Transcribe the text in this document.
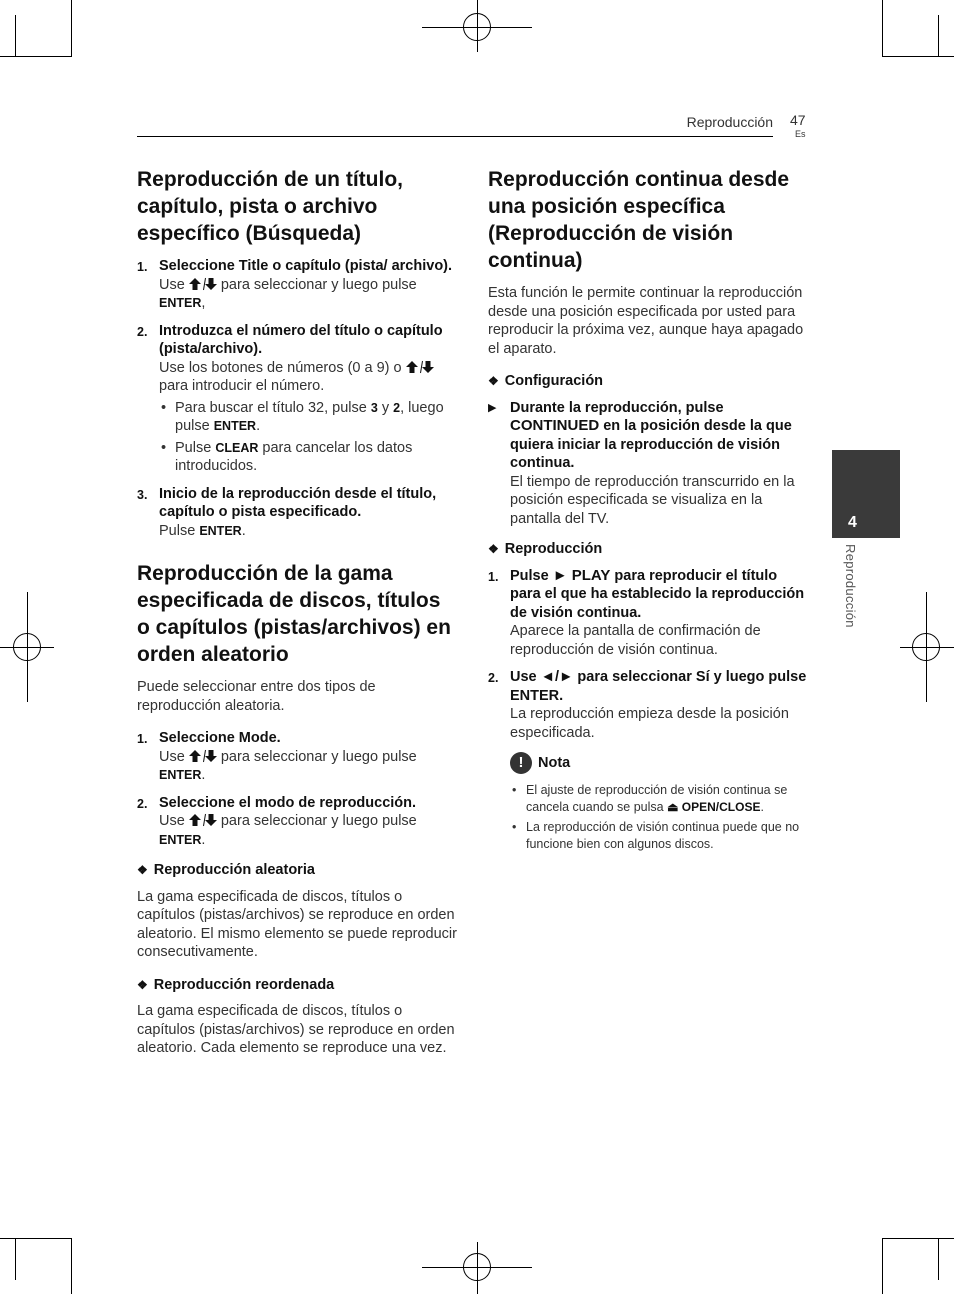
Reproducción 47
Es
4
Reproducción
Reproducción de un título, capítulo, pista o archivo específico (Búsqueda)
1. Seleccione Title o capítulo (pista/ archivo).
Use para seleccionar y luego pulse ENTER,
2. Introduzca el número del título o capítulo (pista/archivo).
Use los botones de números (0 a 9) o  para introducir el número.
• Para buscar el título 32, pulse 3 y 2, luego pulse ENTER.
• Pulse CLEAR para cancelar los datos introducidos.
3. Inicio de la reproducción desde el título, capítulo o pista especificado.
Pulse ENTER.
Reproducción de la gama especificada de discos, títulos o capítulos (pistas/archivos) en orden aleatorio

Puede seleccionar entre dos tipos de reproducción aleatoria.

1. Seleccione Mode.
Use para seleccionar y luego pulse ENTER.
2. Seleccione el modo de reproducción.
Use para seleccionar y luego pulse ENTER.
❖ Reproducción aleatoria

La gama especificada de discos, títulos o capítulos (pistas/archivos) se reproduce en orden aleatorio. El mismo elemento se puede reproducir consecutivamente.

❖ Reproducción reordenada

La gama especificada de discos, títulos o capítulos (pistas/archivos) se reproduce en orden aleatorio. Cada elemento se reproduce una vez.

Reproducción continua desde una posición específica (Reproducción de visión continua)

Esta función le permite continuar la reproducción desde una posición especificada por usted para reproducir la próxima vez, aunque haya apagado el aparato.

❖ Configuración
▶ Durante la reproducción, pulse CONTINUED en la posición desde la que quiera iniciar la reproducción de visión continua.
El tiempo de reproducción transcurrido en la posición especificada se visualiza en la pantalla del TV.
❖ Reproducción
1. Pulse ► PLAY para reproducir el título para el que ha establecido la reproducción de visión continua.
Aparece la pantalla de confirmación de reproducción de visión continua.
2. Use ◄/► para seleccionar Sí y luego pulse ENTER.
La reproducción empieza desde la posición especificada.
! Nota
• El ajuste de reproducción de visión continua se cancela cuando se pulsa ⏏ OPEN/CLOSE.
• La reproducción de visión continua puede que no funcione bien con algunos discos.
